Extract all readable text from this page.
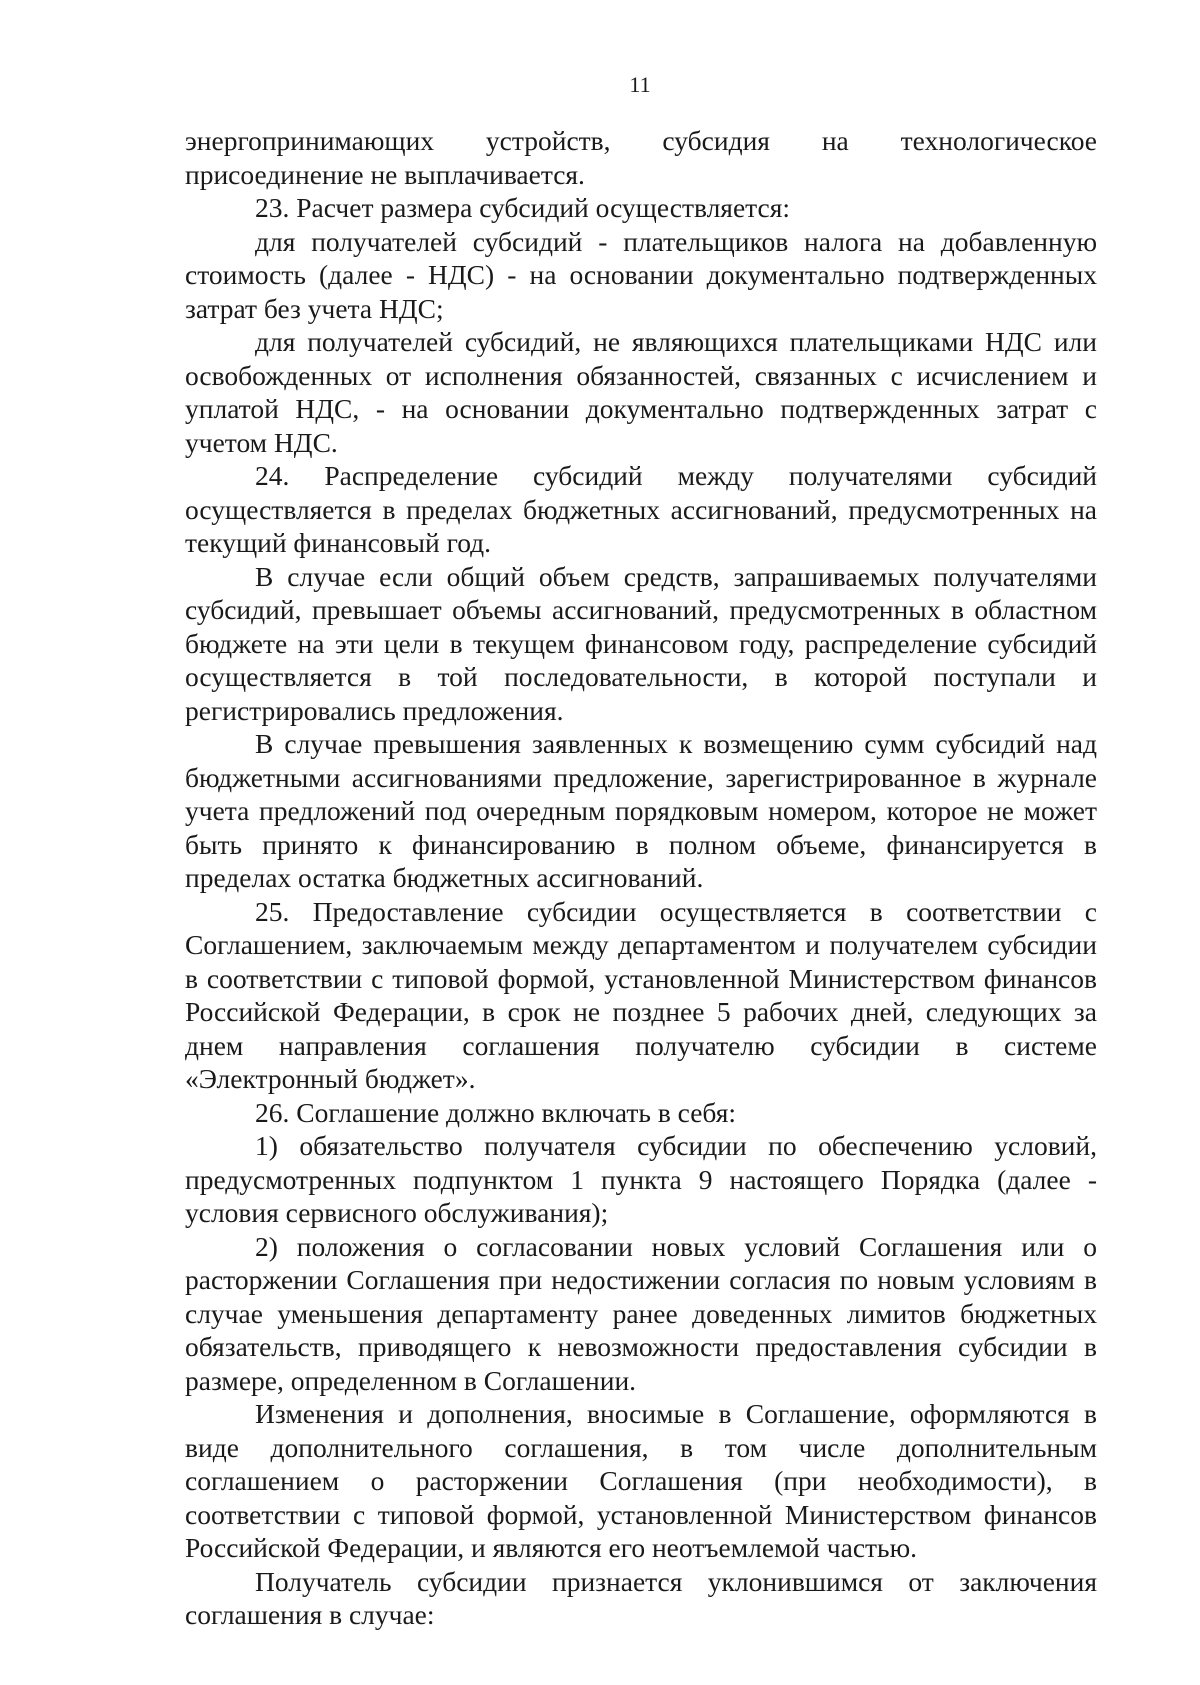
11

энергопринимающих устройств, субсидия на технологическое присоединение не выплачивается.

23. Расчет размера субсидий осуществляется:

для получателей субсидий - плательщиков налога на добавленную стоимость (далее - НДС) - на основании документально подтвержденных затрат без учета НДС;

для получателей субсидий, не являющихся плательщиками НДС или освобожденных от исполнения обязанностей, связанных с исчислением и уплатой НДС, - на основании документально подтвержденных затрат с учетом НДС.

24. Распределение субсидий между получателями субсидий осуществляется в пределах бюджетных ассигнований, предусмотренных на текущий финансовый год.

В случае если общий объем средств, запрашиваемых получателями субсидий, превышает объемы ассигнований, предусмотренных в областном бюджете на эти цели в текущем финансовом году, распределение субсидий осуществляется в той последовательности, в которой поступали и регистрировались предложения.

В случае превышения заявленных к возмещению сумм субсидий над бюджетными ассигнованиями предложение, зарегистрированное в журнале учета предложений под очередным порядковым номером, которое не может быть принято к финансированию в полном объеме, финансируется в пределах остатка бюджетных ассигнований.

25. Предоставление субсидии осуществляется в соответствии с Соглашением, заключаемым между департаментом и получателем субсидии в соответствии с типовой формой, установленной Министерством финансов Российской Федерации, в срок не позднее 5 рабочих дней, следующих за днем направления соглашения получателю субсидии в системе «Электронный бюджет».

26. Соглашение должно включать в себя:

1) обязательство получателя субсидии по обеспечению условий, предусмотренных подпунктом 1 пункта 9 настоящего Порядка (далее - условия сервисного обслуживания);

2) положения о согласовании новых условий Соглашения или о расторжении Соглашения при недостижении согласия по новым условиям в случае уменьшения департаменту ранее доведенных лимитов бюджетных обязательств, приводящего к невозможности предоставления субсидии в размере, определенном в Соглашении.

Изменения и дополнения, вносимые в Соглашение, оформляются в виде дополнительного соглашения, в том числе дополнительным соглашением о расторжении Соглашения (при необходимости), в соответствии с типовой формой, установленной Министерством финансов Российской Федерации, и являются его неотъемлемой частью.

Получатель субсидии признается уклонившимся от заключения соглашения в случае:
